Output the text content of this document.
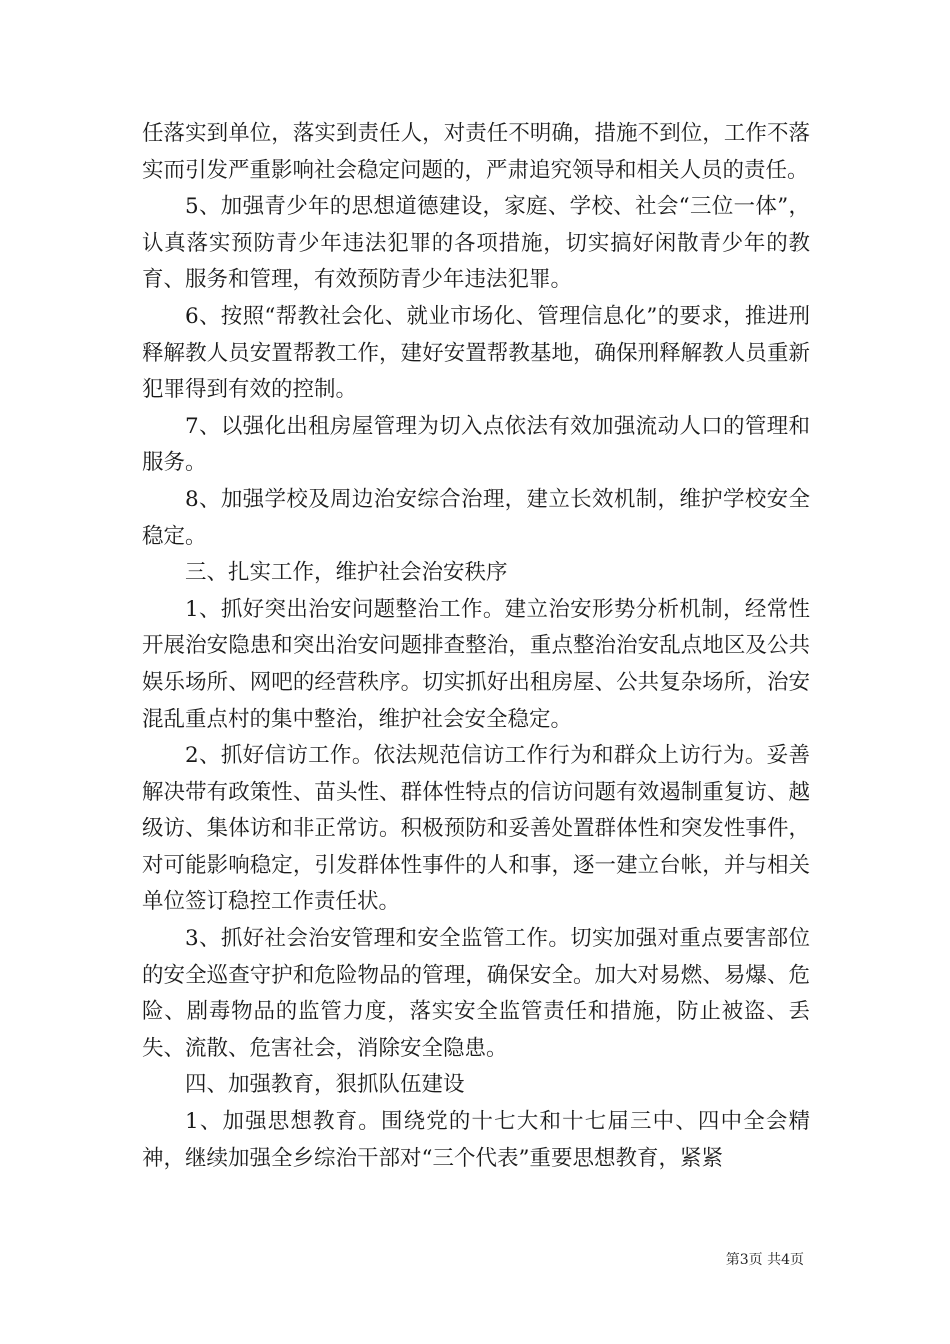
任落实到单位，落实到责任人，对责任不明确，措施不到位，工作不落实而引发严重影响社会稳定问题的，严肃追究领导和相关人员的责任。

5、加强青少年的思想道德建设，家庭、学校、社会“三位一体”，认真落实预防青少年违法犯罪的各项措施，切实搞好闲散青少年的教育、服务和管理，有效预防青少年违法犯罪。

6、按照“帮教社会化、就业市场化、管理信息化”的要求，推进刑释解教人员安置帮教工作，建好安置帮教基地，确保刑释解教人员重新犯罪得到有效的控制。

7、以强化出租房屋管理为切入点依法有效加强流动人口的管理和服务。

8、加强学校及周边治安综合治理，建立长效机制，维护学校安全稳定。

三、扎实工作，维护社会治安秩序

1、抓好突出治安问题整治工作。建立治安形势分析机制，经常性开展治安隐患和突出治安问题排查整治，重点整治治安乱点地区及公共娱乐场所、网吧的经营秩序。切实抓好出租房屋、公共复杂场所，治安混乱重点村的集中整治，维护社会安全稳定。

2、抓好信访工作。依法规范信访工作行为和群众上访行为。妥善解决带有政策性、苗头性、群体性特点的信访问题有效遏制重复访、越级访、集体访和非正常访。积极预防和妥善处置群体性和突发性事件，对可能影响稳定，引发群体性事件的人和事，逐一建立台帐，并与相关单位签订稳控工作责任状。

3、抓好社会治安管理和安全监管工作。切实加强对重点要害部位的安全巡查守护和危险物品的管理，确保安全。加大对易燃、易爆、危险、剧毒物品的监管力度，落实安全监管责任和措施，防止被盗、丢失、流散、危害社会，消除安全隐患。

四、加强教育，狠抓队伍建设

1、加强思想教育。围绕党的十七大和十七届三中、四中全会精神，继续加强全乡综治干部对“三个代表”重要思想教育，紧紧

第3页 共4页
